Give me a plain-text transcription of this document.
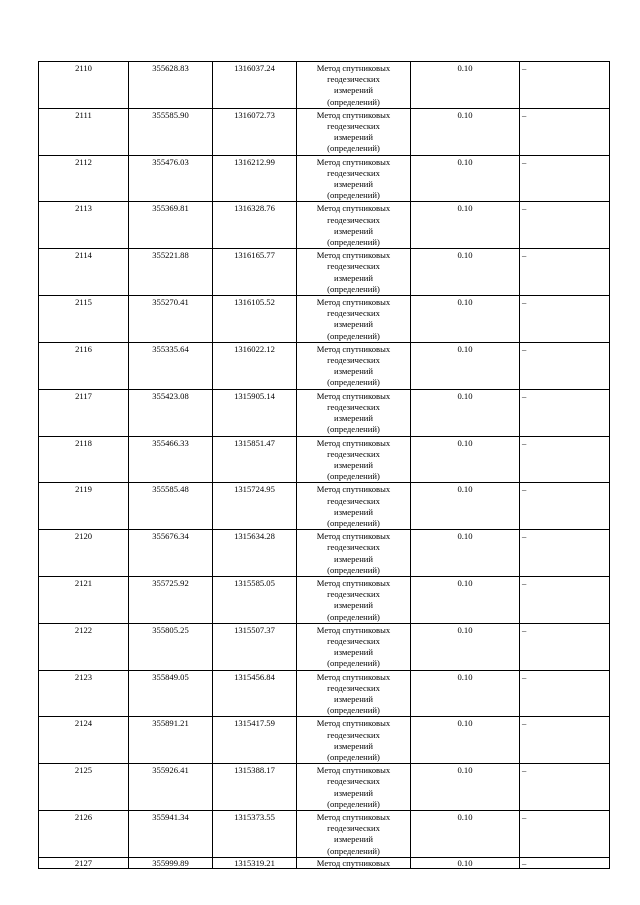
2110	355628.83	1316037.24	Метод спутниковых
геодезических
измерений
(определений)	0.10	–
2111	355585.90	1316072.73	Метод спутниковых
геодезических
измерений
(определений)	0.10	–
2112	355476.03	1316212.99	Метод спутниковых
геодезических
измерений
(определений)	0.10	–
2113	355369.81	1316328.76	Метод спутниковых
геодезических
измерений
(определений)	0.10	–
2114	355221.88	1316165.77	Метод спутниковых
геодезических
измерений
(определений)	0.10	–
2115	355270.41	1316105.52	Метод спутниковых
геодезических
измерений
(определений)	0.10	–
2116	355335.64	1316022.12	Метод спутниковых
геодезических
измерений
(определений)	0.10	–
2117	355423.08	1315905.14	Метод спутниковых
геодезических
измерений
(определений)	0.10	–
2118	355466.33	1315851.47	Метод спутниковых
геодезических
измерений
(определений)	0.10	–
2119	355585.48	1315724.95	Метод спутниковых
геодезических
измерений
(определений)	0.10	–
2120	355676.34	1315634.28	Метод спутниковых
геодезических
измерений
(определений)	0.10	–
2121	355725.92	1315585.05	Метод спутниковых
геодезических
измерений
(определений)	0.10	–
2122	355805.25	1315507.37	Метод спутниковых
геодезических
измерений
(определений)	0.10	–
2123	355849.05	1315456.84	Метод спутниковых
геодезических
измерений
(определений)	0.10	–
2124	355891.21	1315417.59	Метод спутниковых
геодезических
измерений
(определений)	0.10	–
2125	355926.41	1315388.17	Метод спутниковых
геодезических
измерений
(определений)	0.10	–
2126	355941.34	1315373.55	Метод спутниковых
геодезических
измерений
(определений)	0.10	–
2127	355999.89	1315319.21	Метод спутниковых	0.10	–
